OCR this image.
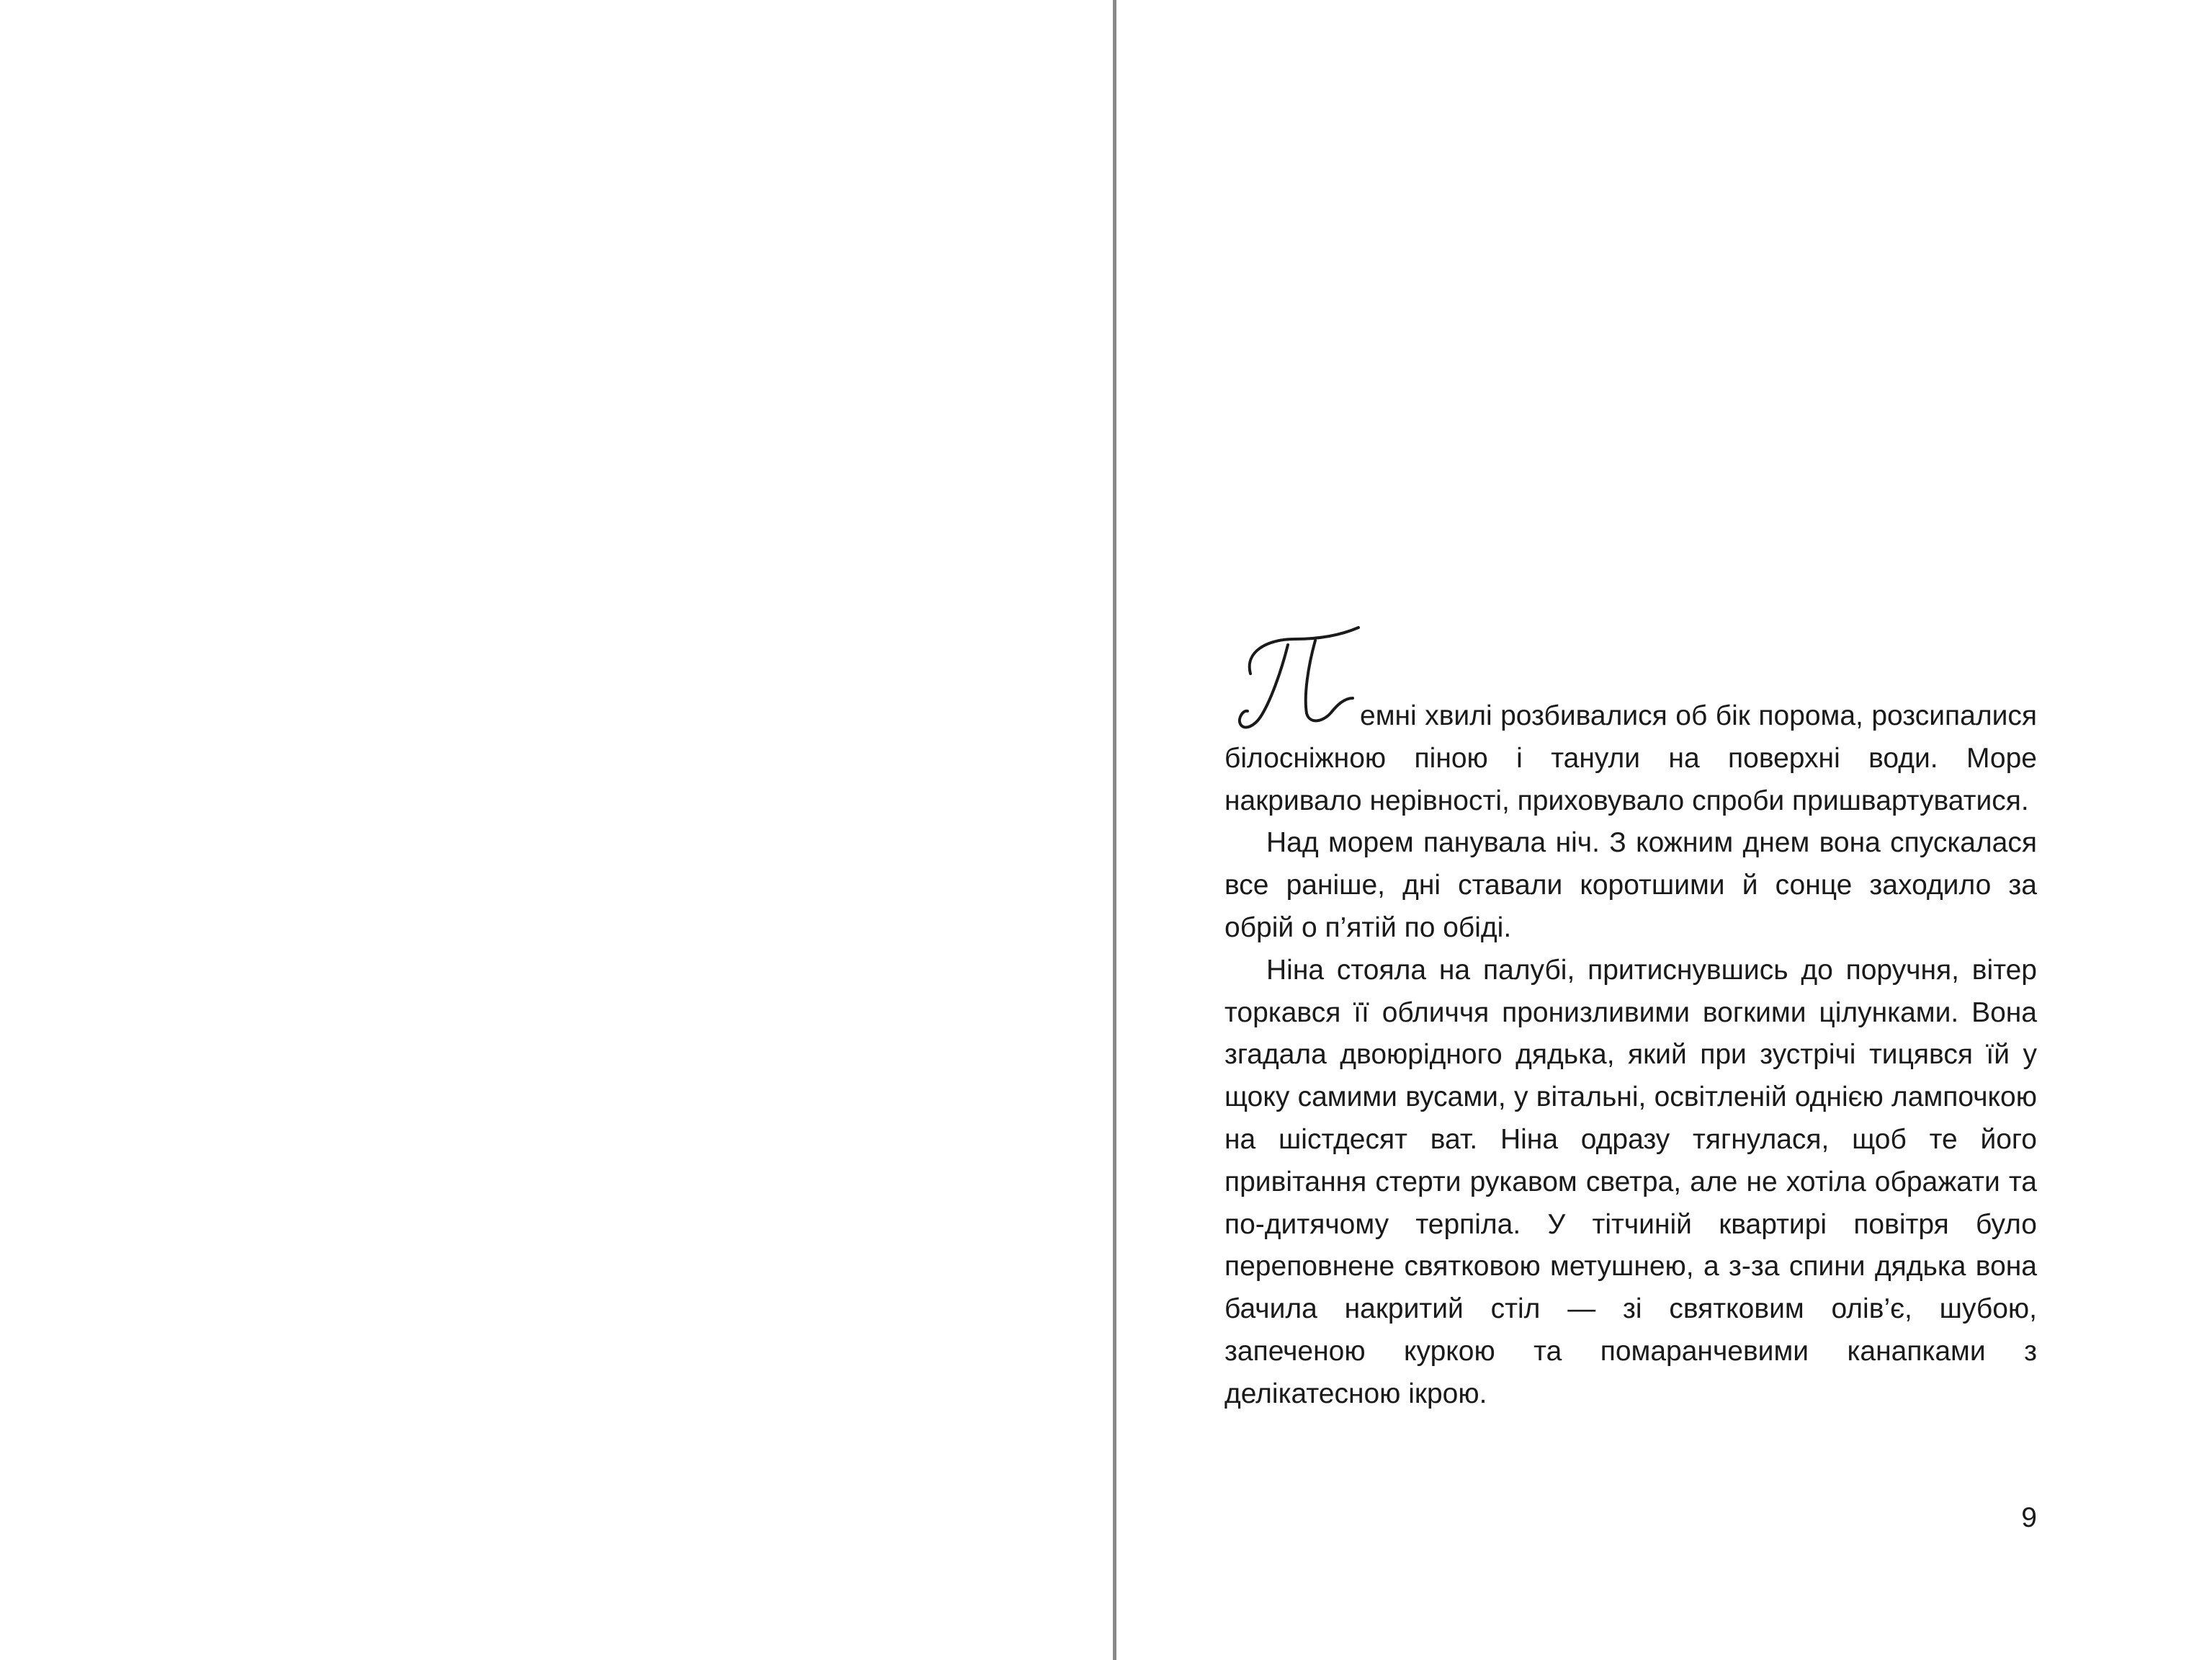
емні хвилі розбивалися об бік порома, розсипалися білосніжною піною і танули на поверхні води. Море накривало нерівності, приховувало спроби пришвартуватися.

Над морем панувала ніч. З кожним днем вона спускалася все раніше, дні ставали коротшими й сонце заходило за обрій о п’ятій по обіді.

Ніна стояла на палубі, притиснувшись до поручня, вітер торкався її обличчя пронизливими вогкими цілунками. Вона згадала двоюрідного дядька, який при зустрічі тицявся їй у щоку самими вусами, у вітальні, освітленій однією лампочкою на шістдесят ват. Ніна одразу тягнулася, щоб те його привітання стерти рукавом светра, але не хотіла ображати та по-дитячому терпіла. У тітчиній квартирі повітря було переповнене святковою метушнею, а з-за спини дядька вона бачила накритий стіл — зі святковим олів’є, шубою, запеченою куркою та помаранчевими канапками з делікатесною ікрою.

9
